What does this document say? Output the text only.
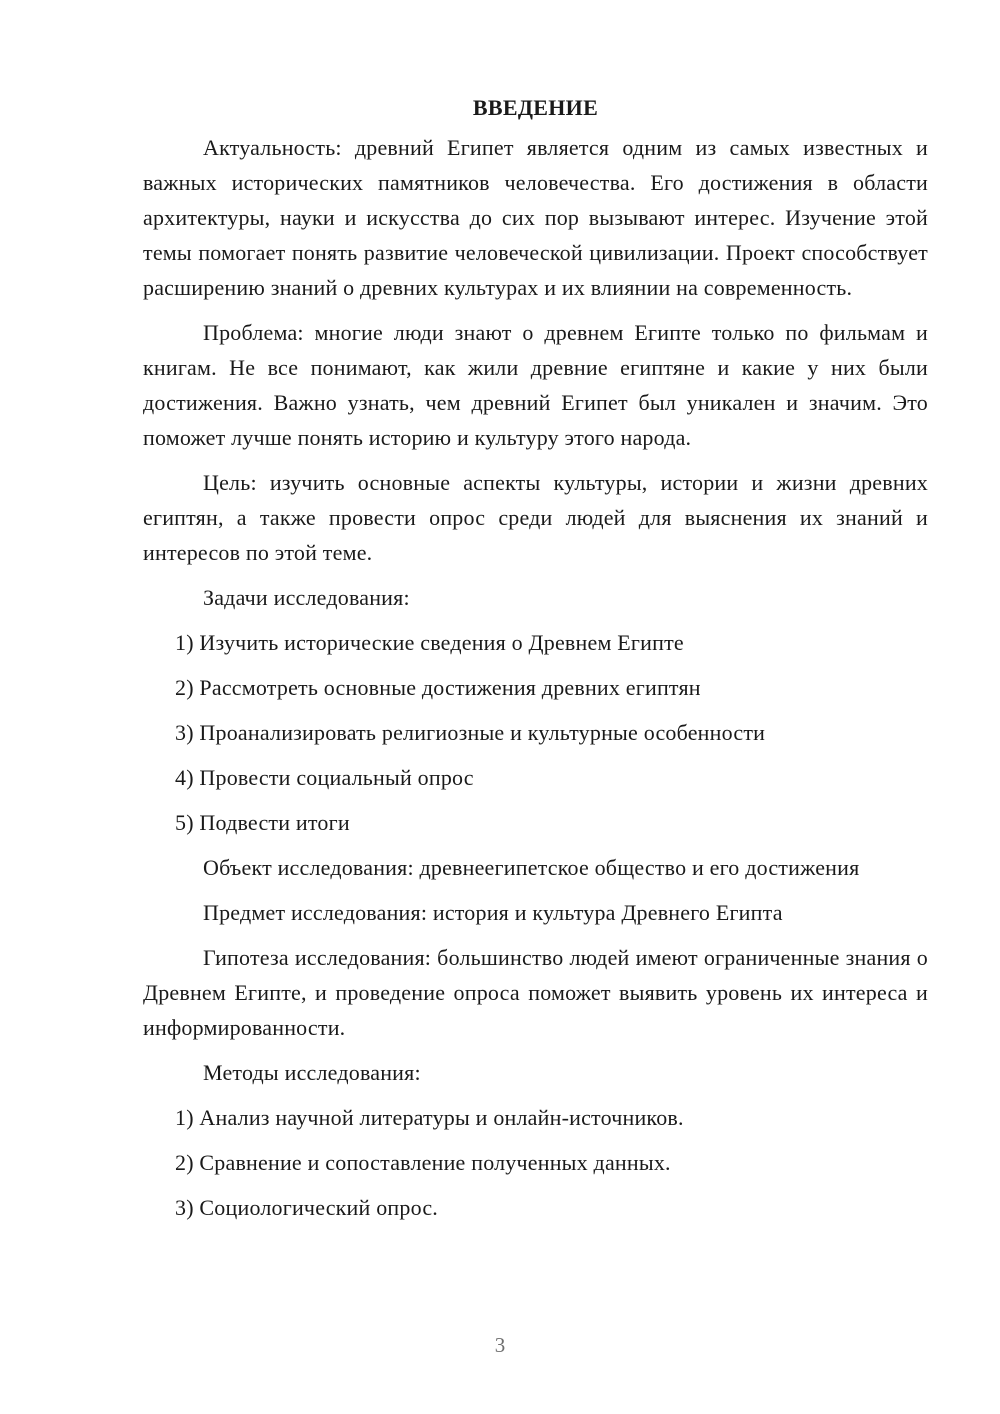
ВВЕДЕНИЕ

Актуальность: древний Египет является одним из самых известных и важных исторических памятников человечества. Его достижения в области архитектуры, науки и искусства до сих пор вызывают интерес. Изучение этой темы помогает понять развитие человеческой цивилизации. Проект способствует расширению знаний о древних культурах и их влиянии на современность.

Проблема: многие люди знают о древнем Египте только по фильмам и книгам. Не все понимают, как жили древние египтяне и какие у них были достижения. Важно узнать, чем древний Египет был уникален и значим. Это поможет лучше понять историю и культуру этого народа.

Цель: изучить основные аспекты культуры, истории и жизни древних египтян, а также провести опрос среди людей для выяснения их знаний и интересов по этой теме.

Задачи исследования:
1) Изучить исторические сведения о Древнем Египте
2) Рассмотреть основные достижения древних египтян
3) Проанализировать религиозные и культурные особенности
4) Провести социальный опрос
5) Подвести итоги
Объект исследования: древнеегипетское общество и его достижения
Предмет исследования: история и культура Древнего Египта

Гипотеза исследования: большинство людей имеют ограниченные знания о Древнем Египте, и проведение опроса поможет выявить уровень их интереса и информированности.

Методы исследования:
1) Анализ научной литературы и онлайн-источников.
2) Сравнение и сопоставление полученных данных.
3) Социологический опрос.
3
